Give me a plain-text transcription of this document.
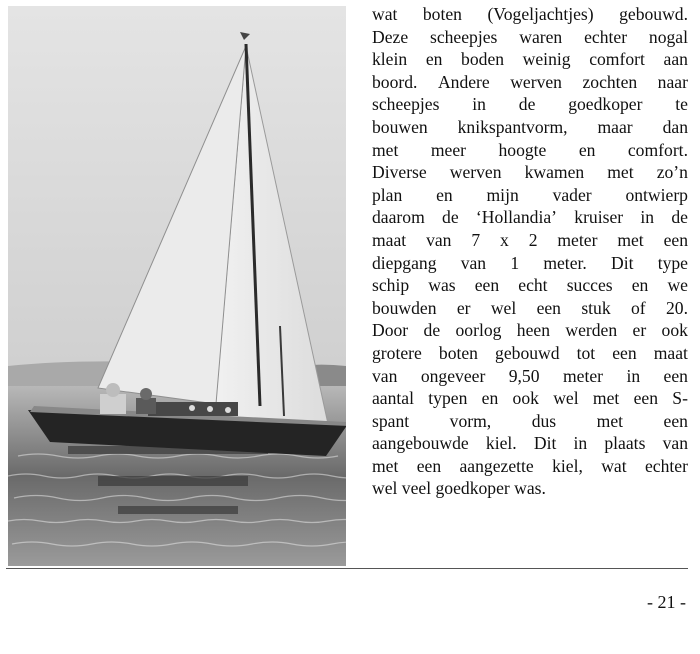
wat boten (Vogeljachtjes) gebouwd.
Deze scheepjes waren echter nogal
klein en boden weinig comfort aan
boord. Andere werven zochten naar
scheepjes in de goedkoper te
bouwen knikspantvorm, maar dan
met meer hoogte en comfort.
Diverse werven kwamen met zo’n
plan en mijn vader ontwierp
daarom de ‘Hollandia’ kruiser in de
maat van 7 x 2 meter met een
diepgang van 1 meter. Dit type
schip was een echt succes en we
bouwden er wel een stuk of 20.
Door de oorlog heen werden er ook
grotere boten gebouwd tot een maat
van ongeveer 9,50 meter in een
aantal typen en ook wel met een S-
spant vorm, dus met een
aangebouwde kiel. Dit in plaats van
met een aangezette kiel, wat echter
wel veel goedkoper was.
- 21 -
